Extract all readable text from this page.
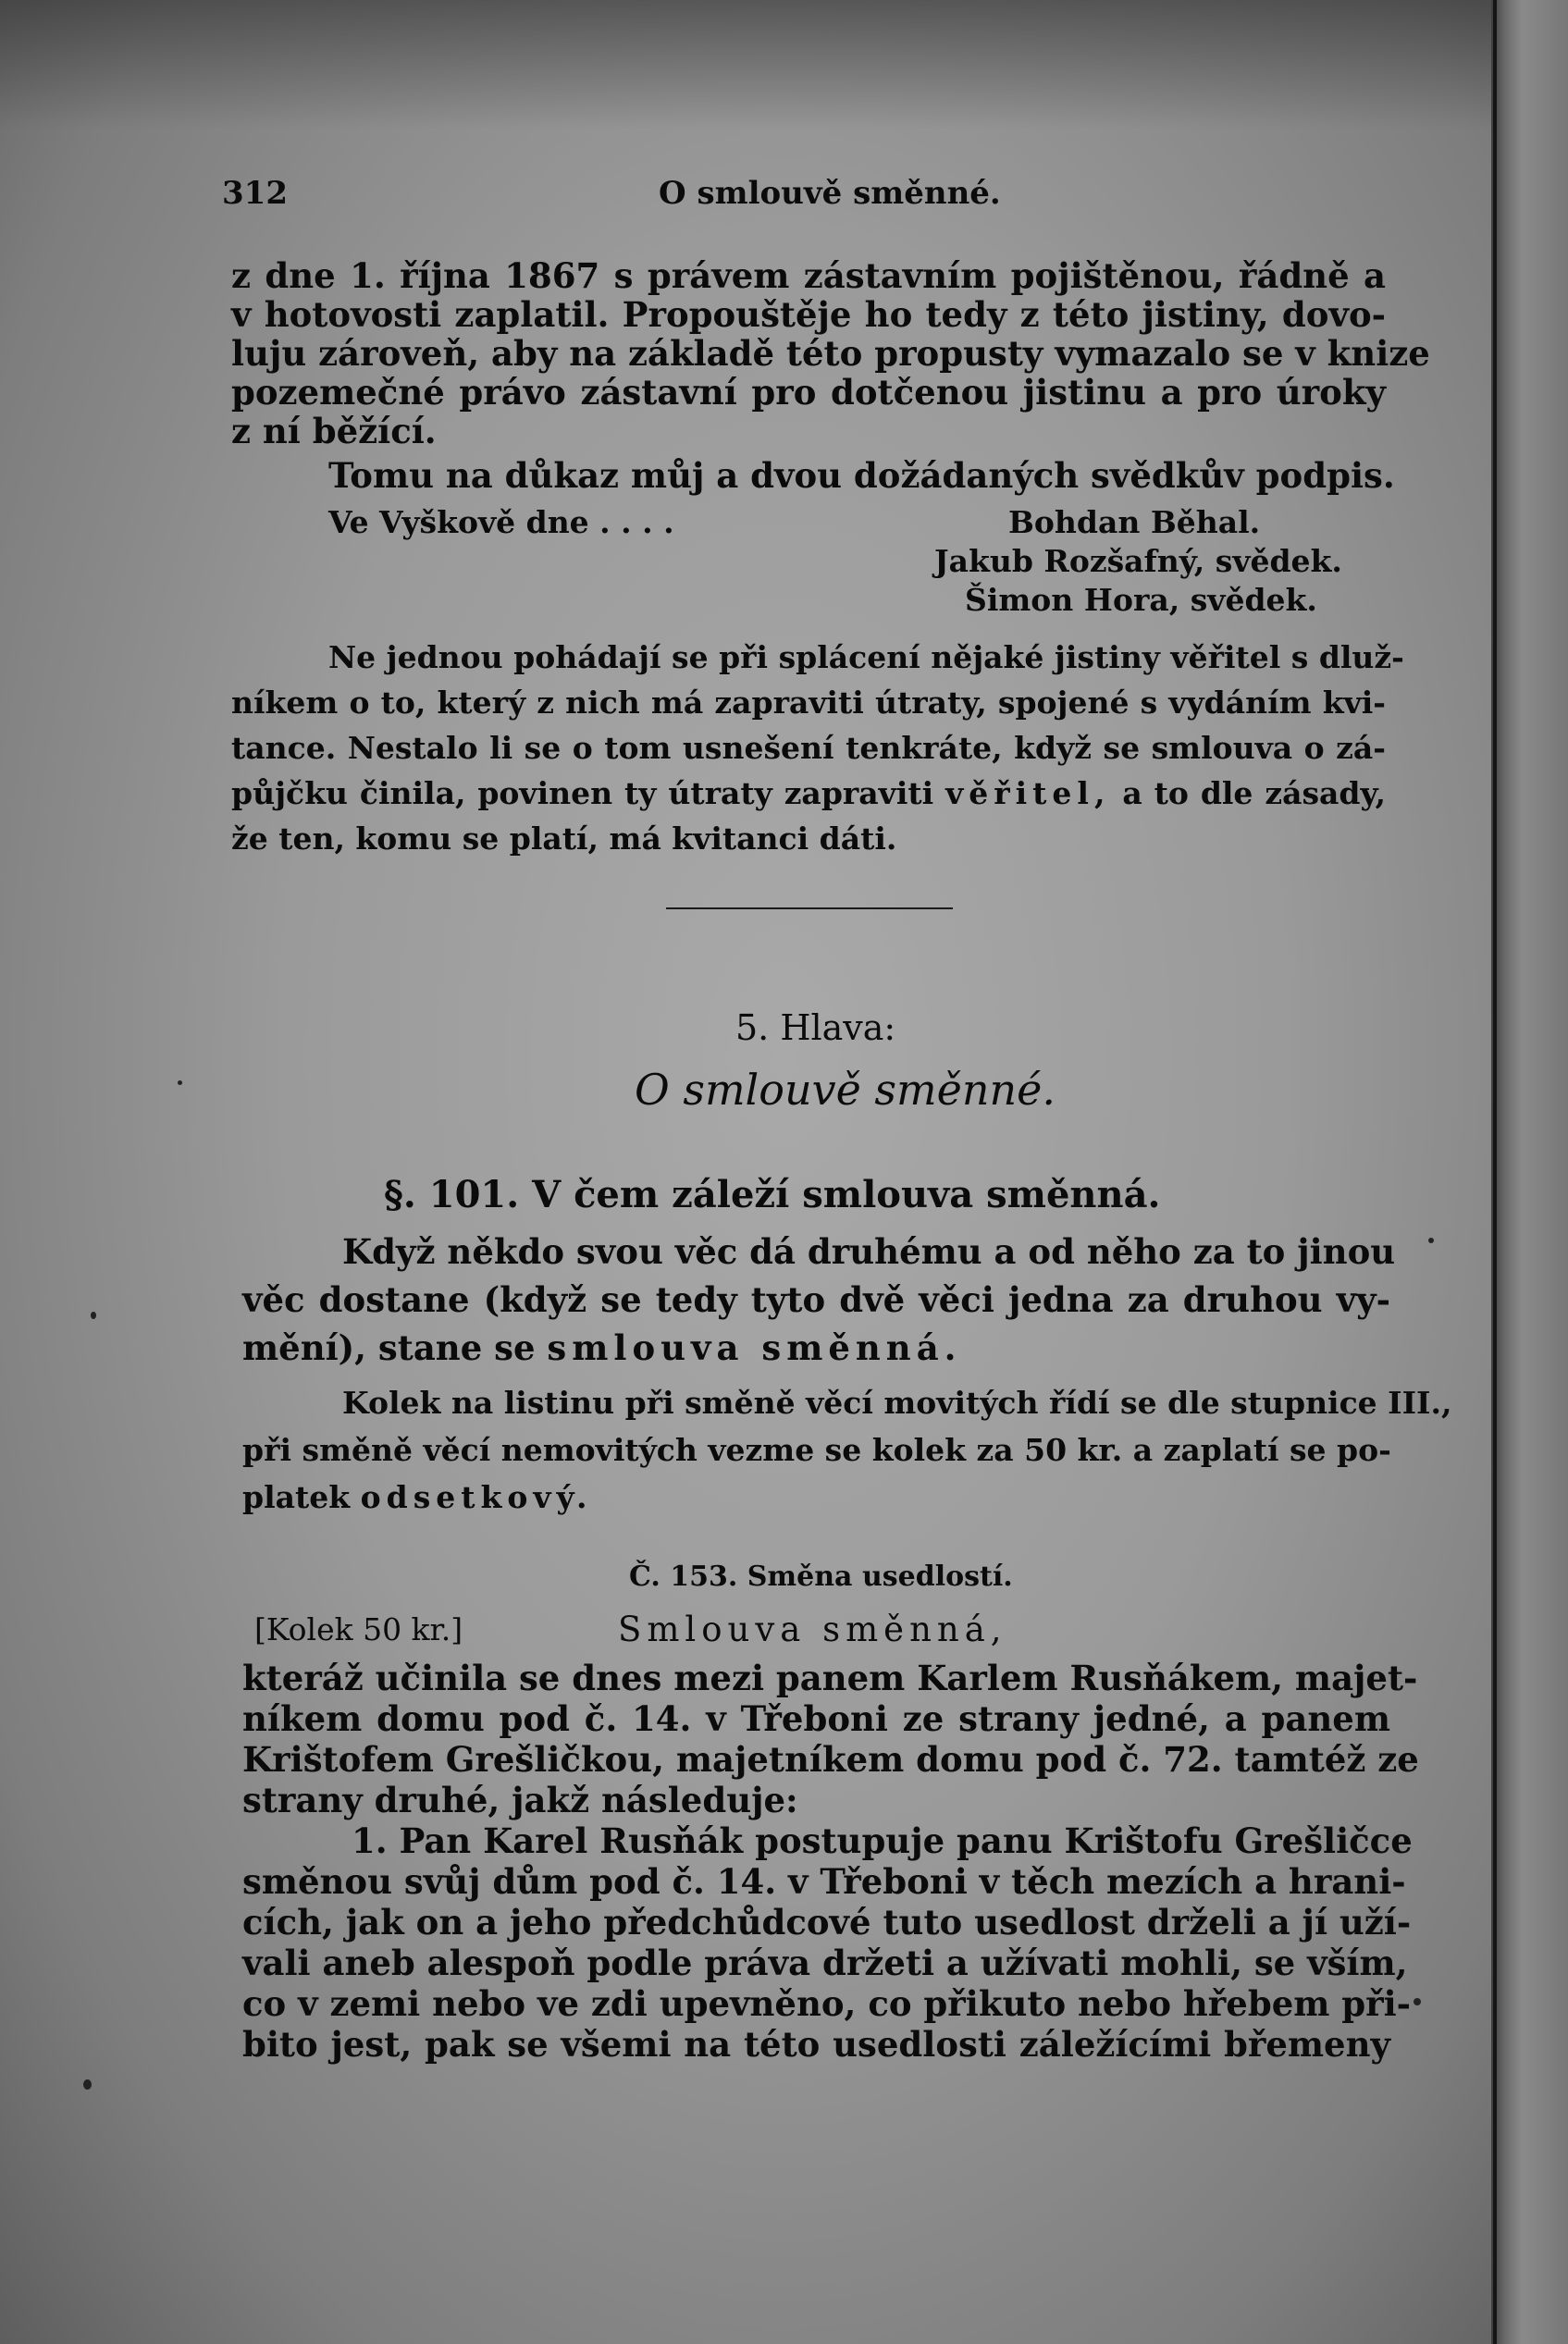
312	O smlouvě směnné.
z dne 1. října 1867 s právem zástavním pojištěnou, řádně a
v hotovosti zaplatil. Propouštěje ho tedy z této jistiny, dovo-
luju zároveň, aby na základě této propusty vymazalo se v knize
pozemečné právo zástavní pro dotčenou jistinu a pro úroky
z ní běžící.
Tomu na důkaz můj a dvou dožádaných svědkův podpis.
Ve Vyškově dne . . . .	Bohdan Běhal.
Jakub Rozšafný, svědek.
Šimon Hora, svědek.
Ne jednou pohádají se při splácení nějaké jistiny věřitel s dluž-
níkem o to, který z nich má zapraviti útraty, spojené s vydáním kvi-
tance. Nestalo li se o tom usnešení tenkráte, když se smlouva o zá-
půjčku činila, povinen ty útraty zapraviti věřitel, a to dle zásady,
že ten, komu se platí, má kvitanci dáti.
5. Hlava:
O smlouvě směnné.
§. 101. V čem záleží smlouva směnná.
Když někdo svou věc dá druhému a od něho za to jinou
věc dostane (když se tedy tyto dvě věci jedna za druhou vy-
mění), stane se smlouva směnná.
Kolek na listinu při směně věcí movitých řídí se dle stupnice III.,
při směně věcí nemovitých vezme se kolek za 50 kr. a zaplatí se po-
platek odsetkový.
Č. 153. Směna usedlostí.
[Kolek 50 kr.]	Smlouva směnná,
kteráž učinila se dnes mezi panem Karlem Rusňákem, majet-
níkem domu pod č. 14. v Třeboni ze strany jedné, a panem
Krištofem Grešličkou, majetníkem domu pod č. 72. tamtéž ze
strany druhé, jakž následuje:
1. Pan Karel Rusňák postupuje panu Krištofu Grešličce
směnou svůj dům pod č. 14. v Třeboni v těch mezích a hrani-
cích, jak on a jeho předchůdcové tuto usedlost drželi a jí uží-
vali aneb alespoň podle práva držeti a užívati mohli, se vším,
co v zemi nebo ve zdi upevněno, co přikuto nebo hřebem při-
bito jest, pak se všemi na této usedlosti záležícími břemeny
